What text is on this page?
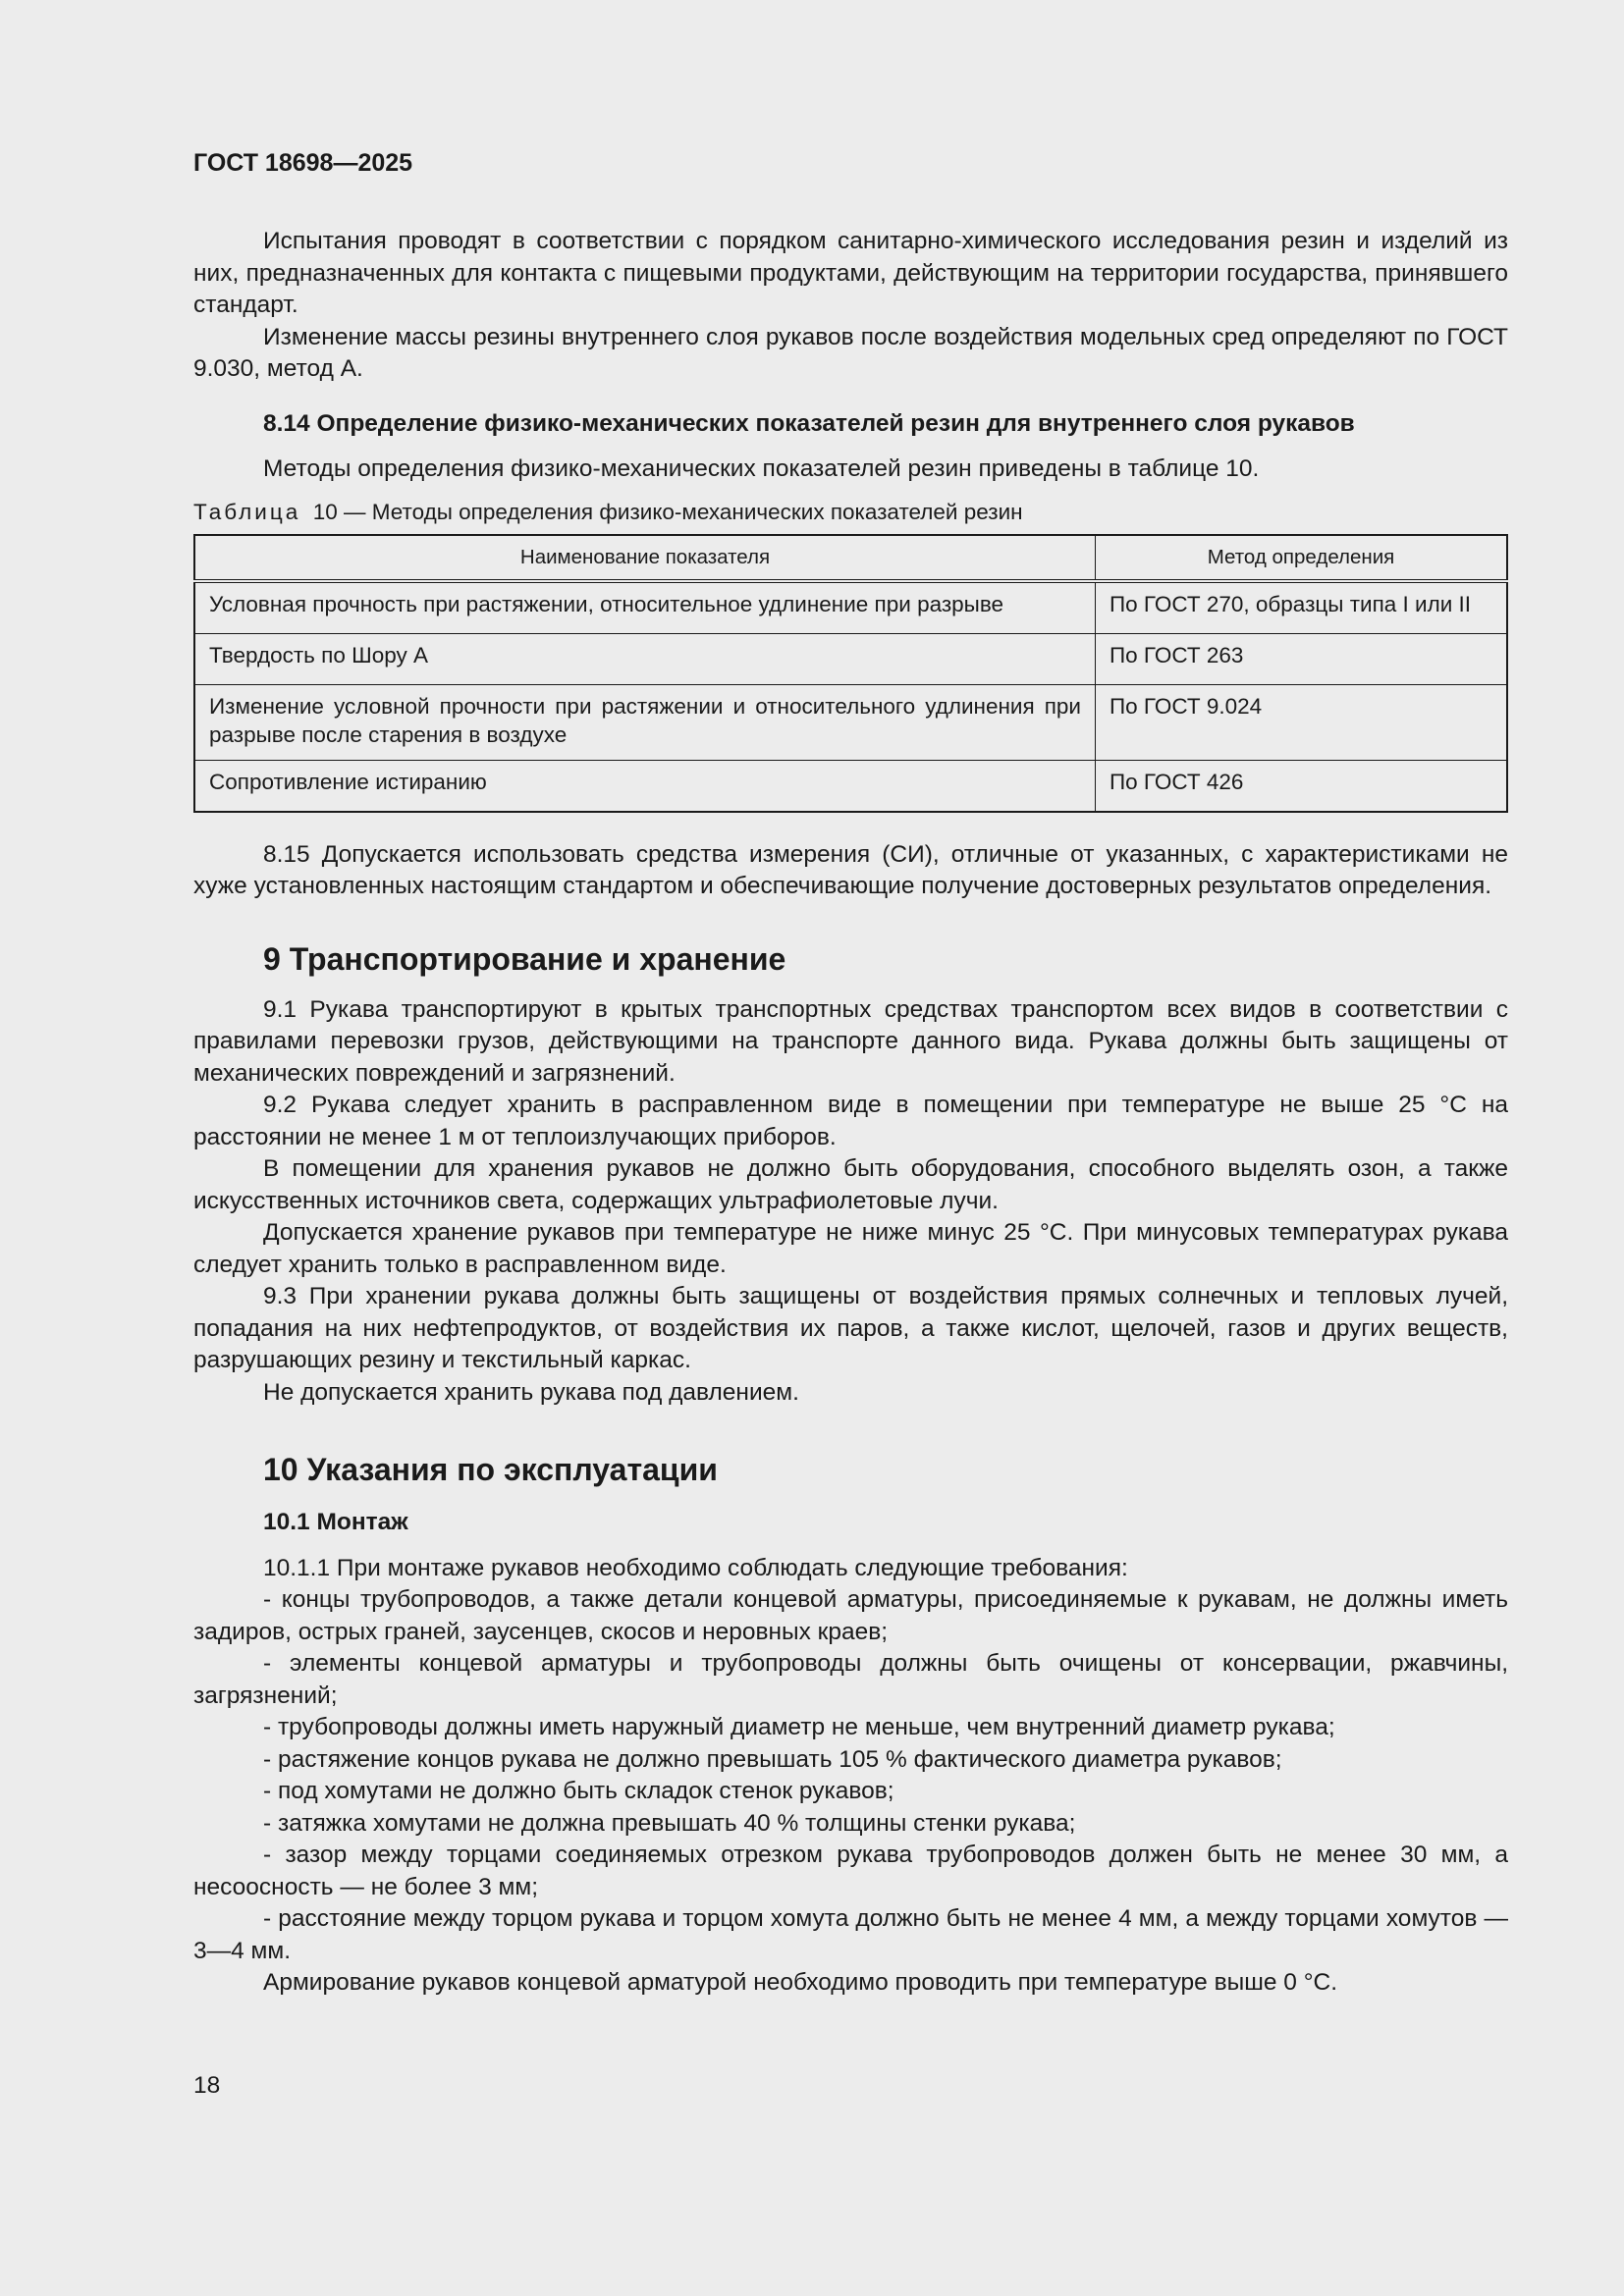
ГОСТ 18698—2025

Испытания проводят в соответствии с порядком санитарно-химического исследования резин и изделий из них, предназначенных для контакта с пищевыми продуктами, действующим на территории государства, принявшего стандарт.

Изменение массы резины внутреннего слоя рукавов после воздействия модельных сред определяют по ГОСТ 9.030, метод А.

8.14 Определение физико-механических показателей резин для внутреннего слоя рукавов

Методы определения физико-механических показателей резин приведены в таблице 10.

Таблица 10 — Методы определения физико-механических показателей резин

Наименование показателя	Метод определения
Условная прочность при растяжении, относительное удлинение при разрыве	По ГОСТ 270, образцы типа I или II
Твердость по Шору А	По ГОСТ 263
Изменение условной прочности при растяжении и относительного удлинения при разрыве после старения в воздухе	По ГОСТ 9.024
Сопротивление истиранию	По ГОСТ 426

8.15 Допускается использовать средства измерения (СИ), отличные от указанных, с характеристиками не хуже установленных настоящим стандартом и обеспечивающие получение достоверных результатов определения.

9 Транспортирование и хранение

9.1 Рукава транспортируют в крытых транспортных средствах транспортом всех видов в соответствии с правилами перевозки грузов, действующими на транспорте данного вида. Рукава должны быть защищены от механических повреждений и загрязнений.

9.2 Рукава следует хранить в расправленном виде в помещении при температуре не выше 25 °С на расстоянии не менее 1 м от теплоизлучающих приборов.

В помещении для хранения рукавов не должно быть оборудования, способного выделять озон, а также искусственных источников света, содержащих ультрафиолетовые лучи.

Допускается хранение рукавов при температуре не ниже минус 25 °С. При минусовых температурах рукава следует хранить только в расправленном виде.

9.3 При хранении рукава должны быть защищены от воздействия прямых солнечных и тепловых лучей, попадания на них нефтепродуктов, от воздействия их паров, а также кислот, щелочей, газов и других веществ, разрушающих резину и текстильный каркас.

Не допускается хранить рукава под давлением.

10 Указания по эксплуатации

10.1 Монтаж

10.1.1 При монтаже рукавов необходимо соблюдать следующие требования:

- концы трубопроводов, а также детали концевой арматуры, присоединяемые к рукавам, не должны иметь задиров, острых граней, заусенцев, скосов и неровных краев;

- элементы концевой арматуры и трубопроводы должны быть очищены от консервации, ржавчины, загрязнений;

- трубопроводы должны иметь наружный диаметр не меньше, чем внутренний диаметр рукава;

- растяжение концов рукава не должно превышать 105 % фактического диаметра рукавов;

- под хомутами не должно быть складок стенок рукавов;

- затяжка хомутами не должна превышать 40 % толщины стенки рукава;

- зазор между торцами соединяемых отрезком рукава трубопроводов должен быть не менее 30 мм, а несоосность — не более 3 мм;

- расстояние между торцом рукава и торцом хомута должно быть не менее 4 мм, а между торцами хомутов — 3—4 мм.

Армирование рукавов концевой арматурой необходимо проводить при температуре выше 0 °С.

18
